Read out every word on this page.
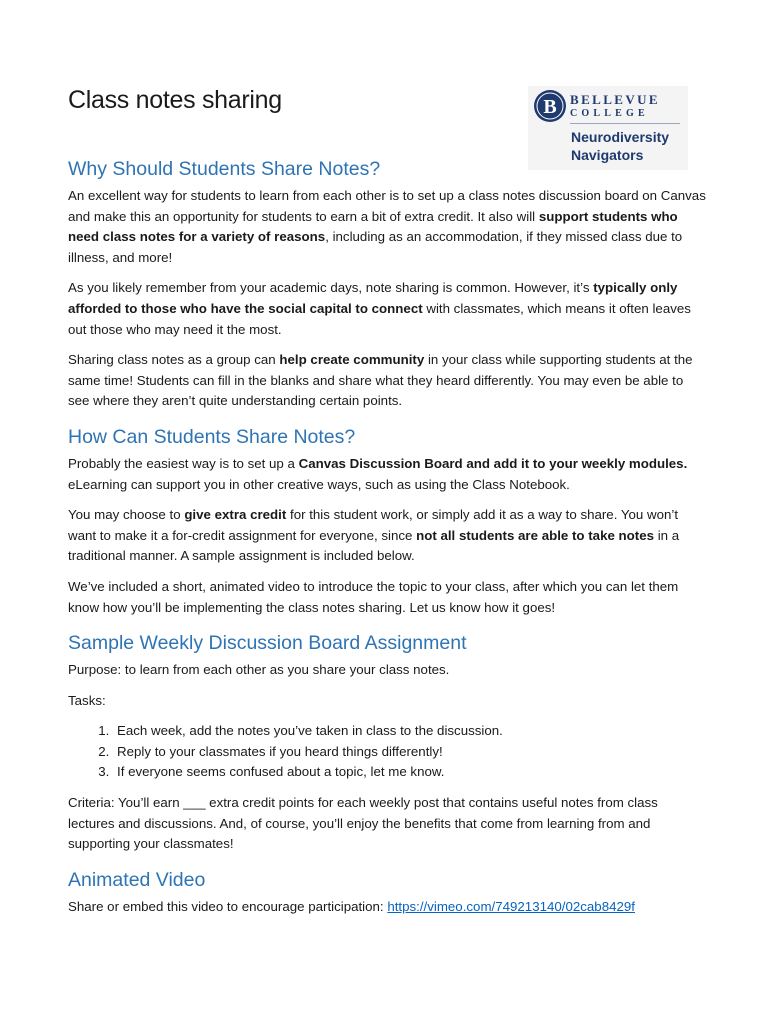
Class notes sharing	B BELLEVUE
COLLEGE
Neurodiversity
Navigators
Why Should Students Share Notes?

An excellent way for students to learn from each other is to set up a class notes discussion board on Canvas and make this an opportunity for students to earn a bit of extra credit. It also will support students who need class notes for a variety of reasons, including as an accommodation, if they missed class due to illness, and more!

As you likely remember from your academic days, note sharing is common. However, it’s typically only afforded to those who have the social capital to connect with classmates, which means it often leaves out those who may need it the most.

Sharing class notes as a group can help create community in your class while supporting students at the same time! Students can fill in the blanks and share what they heard differently. You may even be able to see where they aren’t quite understanding certain points.

How Can Students Share Notes?

Probably the easiest way is to set up a Canvas Discussion Board and add it to your weekly modules. eLearning can support you in other creative ways, such as using the Class Notebook.

You may choose to give extra credit for this student work, or simply add it as a way to share. You won’t want to make it a for-credit assignment for everyone, since not all students are able to take notes in a traditional manner. A sample assignment is included below.

We’ve included a short, animated video to introduce the topic to your class, after which you can let them know how you’ll be implementing the class notes sharing. Let us know how it goes!

Sample Weekly Discussion Board Assignment

Purpose: to learn from each other as you share your class notes.

Tasks:

1. Each week, add the notes you’ve taken in class to the discussion.
2. Reply to your classmates if you heard things differently!
3. If everyone seems confused about a topic, let me know.

Criteria: You’ll earn ___ extra credit points for each weekly post that contains useful notes from class lectures and discussions. And, of course, you’ll enjoy the benefits that come from learning from and supporting your classmates!

Animated Video

Share or embed this video to encourage participation: https://vimeo.com/749213140/02cab8429f
